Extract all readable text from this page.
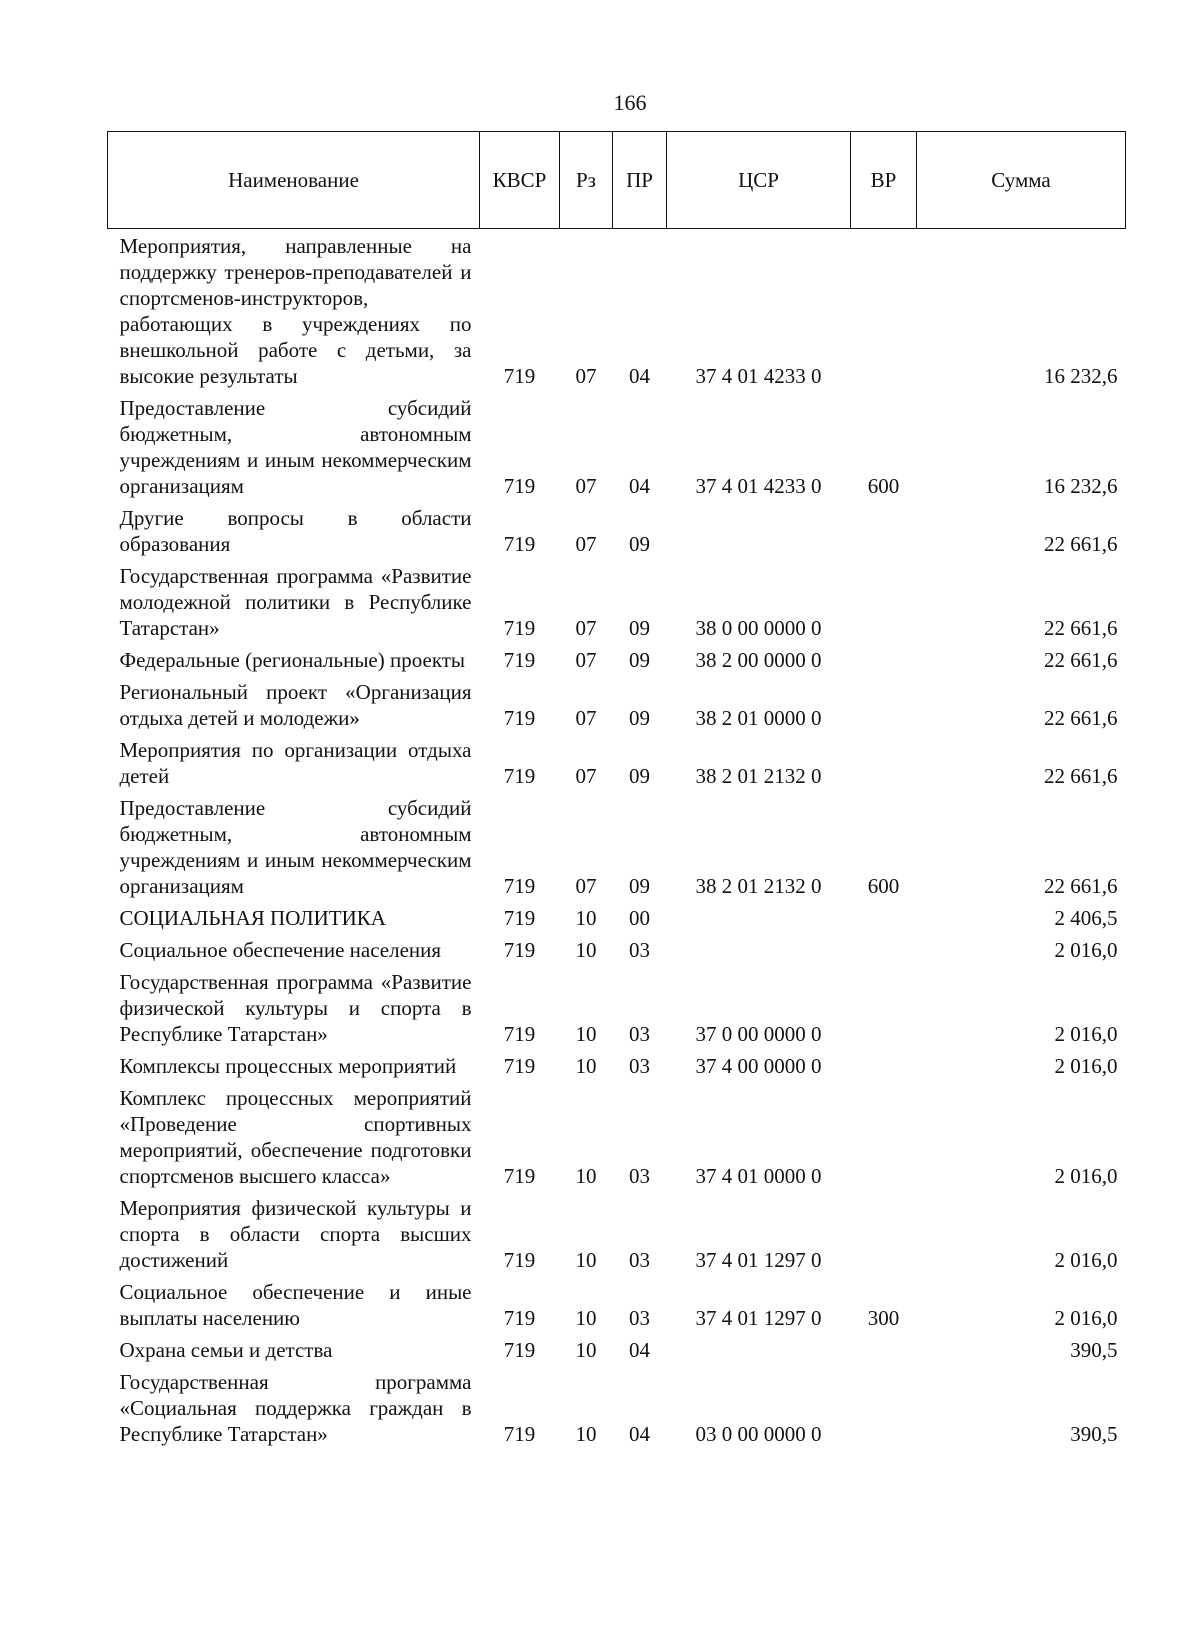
166
Наименование	КВСР	Рз	ПР	ЦСР	ВР	Сумма
Мероприятия, направленные на поддержку тренеров-преподавателей и спортсменов-инструкторов, работающих в учреждениях по внешкольной работе с детьми, за высокие результаты	719	07	04	37 4 01 4233 0		16 232,6
Предоставление субсидий бюджетным, автономным учреждениям и иным некоммерческим организациям	719	07	04	37 4 01 4233 0	600	16 232,6
Другие вопросы в области образования	719	07	09			22 661,6
Государственная программа «Развитие молодежной политики в Республике Татарстан»	719	07	09	38 0 00 0000 0		22 661,6
Федеральные (региональные) проекты	719	07	09	38 2 00 0000 0		22 661,6
Региональный проект «Организация отдыха детей и молодежи»	719	07	09	38 2 01 0000 0		22 661,6
Мероприятия по организации отдыха детей	719	07	09	38 2 01 2132 0		22 661,6
Предоставление субсидий бюджетным, автономным учреждениям и иным некоммерческим организациям	719	07	09	38 2 01 2132 0	600	22 661,6
СОЦИАЛЬНАЯ ПОЛИТИКА	719	10	00			2 406,5
Социальное обеспечение населения	719	10	03			2 016,0
Государственная программа «Развитие физической культуры и спорта в Республике Татарстан»	719	10	03	37 0 00 0000 0		2 016,0
Комплексы процессных мероприятий	719	10	03	37 4 00 0000 0		2 016,0
Комплекс процессных мероприятий «Проведение спортивных мероприятий, обеспечение подготовки спортсменов высшего класса»	719	10	03	37 4 01 0000 0		2 016,0
Мероприятия физической культуры и спорта в области спорта высших достижений	719	10	03	37 4 01 1297 0		2 016,0
Социальное обеспечение и иные выплаты населению	719	10	03	37 4 01 1297 0	300	2 016,0
Охрана семьи и детства	719	10	04			390,5
Государственная программа «Социальная поддержка граждан в Республике Татарстан»	719	10	04	03 0 00 0000 0		390,5
